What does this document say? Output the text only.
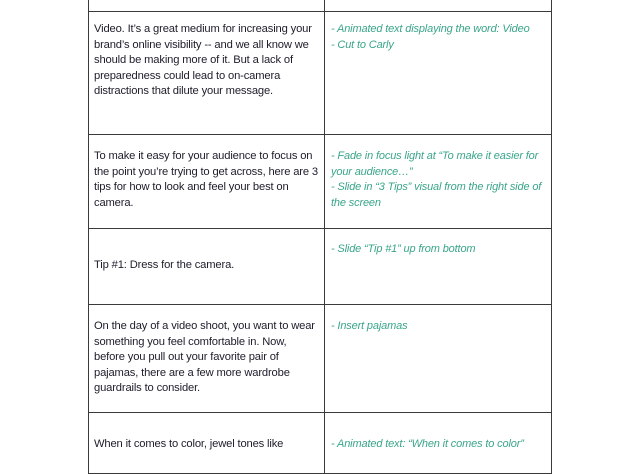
Video. It’s a great medium for increasing your brand’s online visibility -- and we all know we should be making more of it. But a lack of preparedness could lead to on-camera distractions that dilute your message.	- Animated text displaying the word: Video
- Cut to Carly

To make it easy for your audience to focus on the point you’re trying to get across, here are 3 tips for how to look and feel your best on camera.	- Fade in focus light at “To make it easier for your audience…”
- Slide in “3 Tips” visual from the right side of the screen

Tip #1: Dress for the camera.	- Slide “Tip #1” up from bottom

On the day of a video shoot, you want to wear something you feel comfortable in. Now, before you pull out your favorite pair of pajamas, there are a few more wardrobe guardrails to consider.	- Insert pajamas

When it comes to color, jewel tones like	- Animated text: “When it comes to color”
